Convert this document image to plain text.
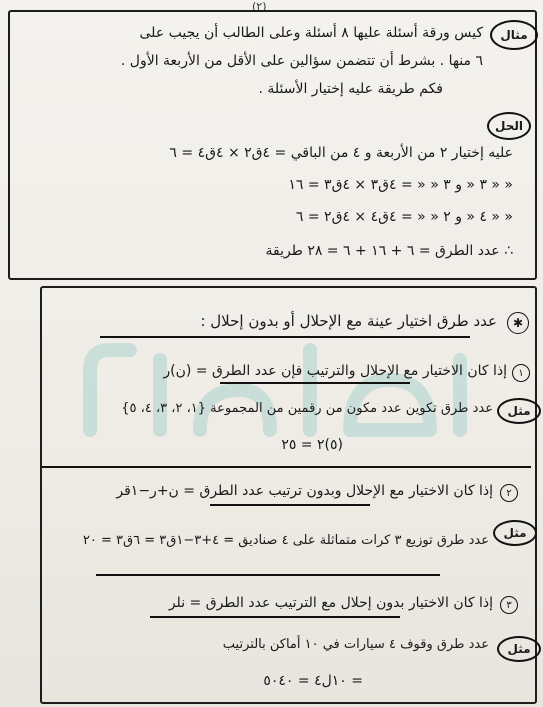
(٢)
مثال
كيس ورقة أسئلة عليها ٨ أسئلة وعلى الطالب أن يجيب على
٦ منها . بشرط أن تتضمن سؤالين على الأقل من الأربعة الأول .
فكم طريقة عليه إختيار الأسئلة .
الحل
عليه إختيار ٢ من الأربعة و ٤ من الباقي = ٤ق٢ × ٤ق٤ = ٦
« « ٣ « و ٣ « « = ٤ق٣ × ٤ق٣ = ١٦
« « ٤ « و ٢ « « = ٤ق٤ × ٤ق٢ = ٦
∴ عدد الطرق = ٦ + ١٦ + ٦ = ٢٨ طريقة
✱
عدد طرق اختيار عينة مع الإحلال أو بدون إحلال :
١
إذا كان الاختيار مع الإحلال والترتيب فإن عدد الطرق = (ن)ر
مثل
عدد طرق تكوين عدد مكون من رقمين من المجموعة {١، ٢، ٣، ٤، ٥}
(٥)٢ = ٢٥
٢
إذا كان الاختيار مع الإحلال وبدون ترتيب عدد الطرق = ن+ر−١قر
مثل
عدد طرق توزيع ٣ كرات متماثلة على ٤ صناديق = ٤+٣−١ق٣ = ٦ق٣ = ٢٠
٣
إذا كان الاختيار بدون إحلال مع الترتيب عدد الطرق = نلر
مثل
عدد طرق وقوف ٤ سيارات في ١٠ أماكن بالترتيب
= ١٠ل٤ = ٥٠٤٠
